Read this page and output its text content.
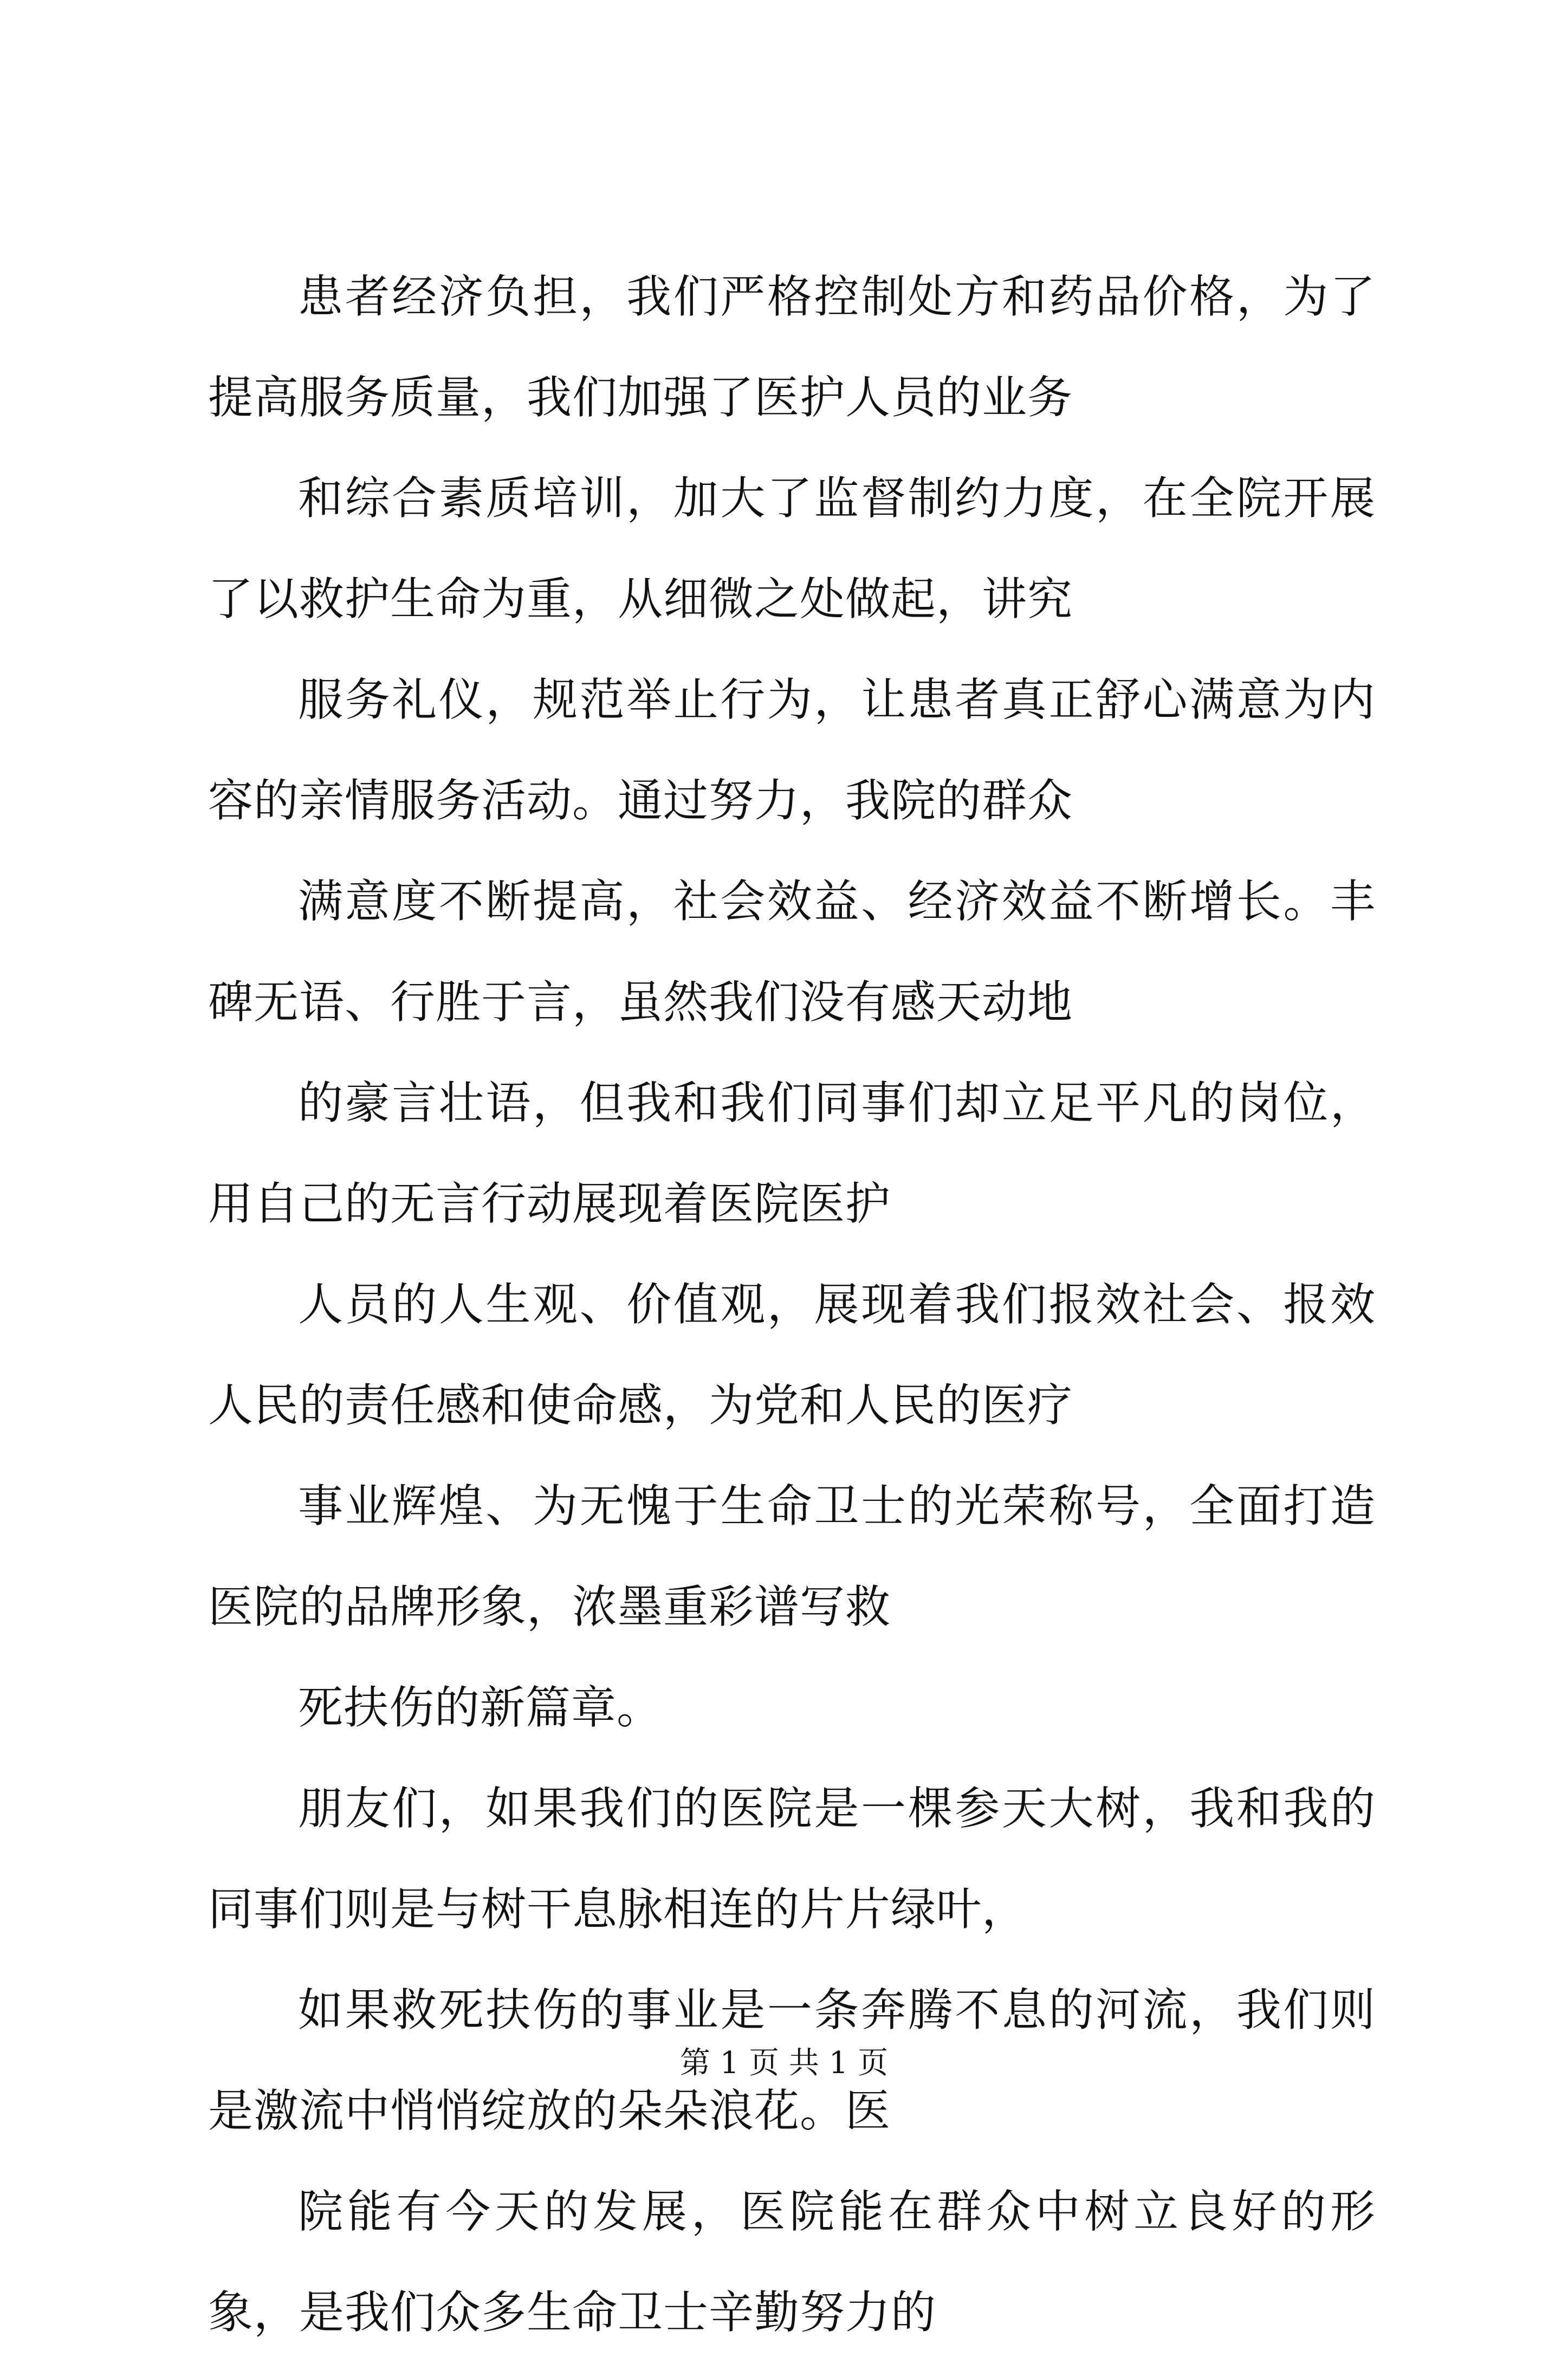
患者经济负担，我们严格控制处方和药品价格，为了提高服务质量，我们加强了医护人员的业务

和综合素质培训，加大了监督制约力度，在全院开展了以救护生命为重，从细微之处做起，讲究

服务礼仪，规范举止行为，让患者真正舒心满意为内容的亲情服务活动。通过努力，我院的群众

满意度不断提高，社会效益、经济效益不断增长。丰碑无语、行胜于言，虽然我们没有感天动地

的豪言壮语，但我和我们同事们却立足平凡的岗位，用自己的无言行动展现着医院医护

人员的人生观、价值观，展现着我们报效社会、报效人民的责任感和使命感，为党和人民的医疗

事业辉煌、为无愧于生命卫士的光荣称号，全面打造医院的品牌形象，浓墨重彩谱写救

死扶伤的新篇章。

朋友们，如果我们的医院是一棵参天大树，我和我的同事们则是与树干息脉相连的片片绿叶，

如果救死扶伤的事业是一条奔腾不息的河流，我们则是激流中悄悄绽放的朵朵浪花。医

院能有今天的发展，医院能在群众中树立良好的形象，是我们众多生命卫士辛勤努力的

第 1 页 共 1 页
